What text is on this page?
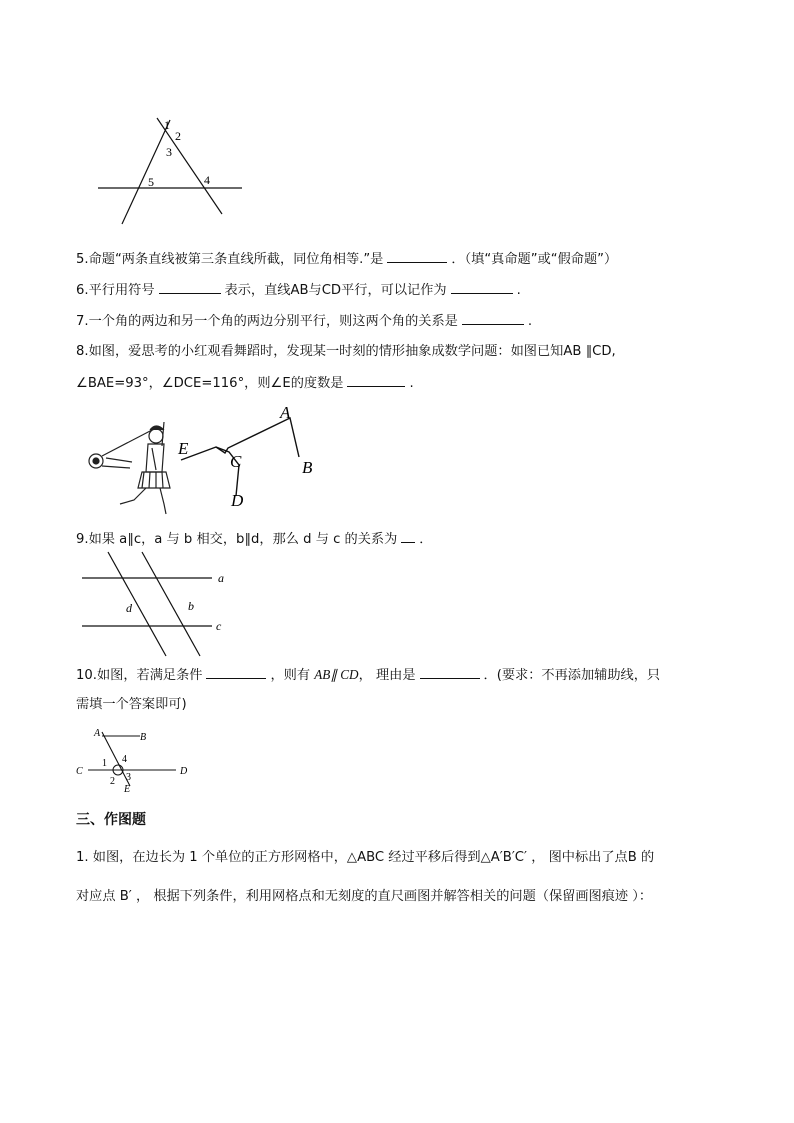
1
2
3
4
5
5.命题“两条直线被第三条直线所截，同位角相等.”是	．（填“真命题”或“假命题”）
6.平行用符号	表示，直线AB与CD平行，可以记作为	.
7.一个角的两边和另一个角的两边分别平行，则这两个角的关系是	.
8.如图，爱思考的小红观看舞蹈时，发现某一时刻的情形抽象成数学问题：如图已知AB ∥CD,
∠BAE=93°，∠DCE=116°，则∠E的度数是	.
A
B
C
D
E
9.如果 a∥c，a 与 b 相交，b∥d，那么 d 与 c 的关系为 ．
a
b
c
d
10.如图，若满足条件	，则有 AB∥ CD， 理由是	．(要求：不再添加辅助线，只
需填一个答案即可)
A	B
C	D
E
1
2 3
4
三、作图题
1. 如图，在边长为 1 个单位的正方形网格中，△ABC 经过平移后得到△A′B′C′ ， 图中标出了点B 的
对应点 B′ ， 根据下列条件，利用网格点和无刻度的直尺画图并解答相关的问题（保留画图痕迹 ）：
